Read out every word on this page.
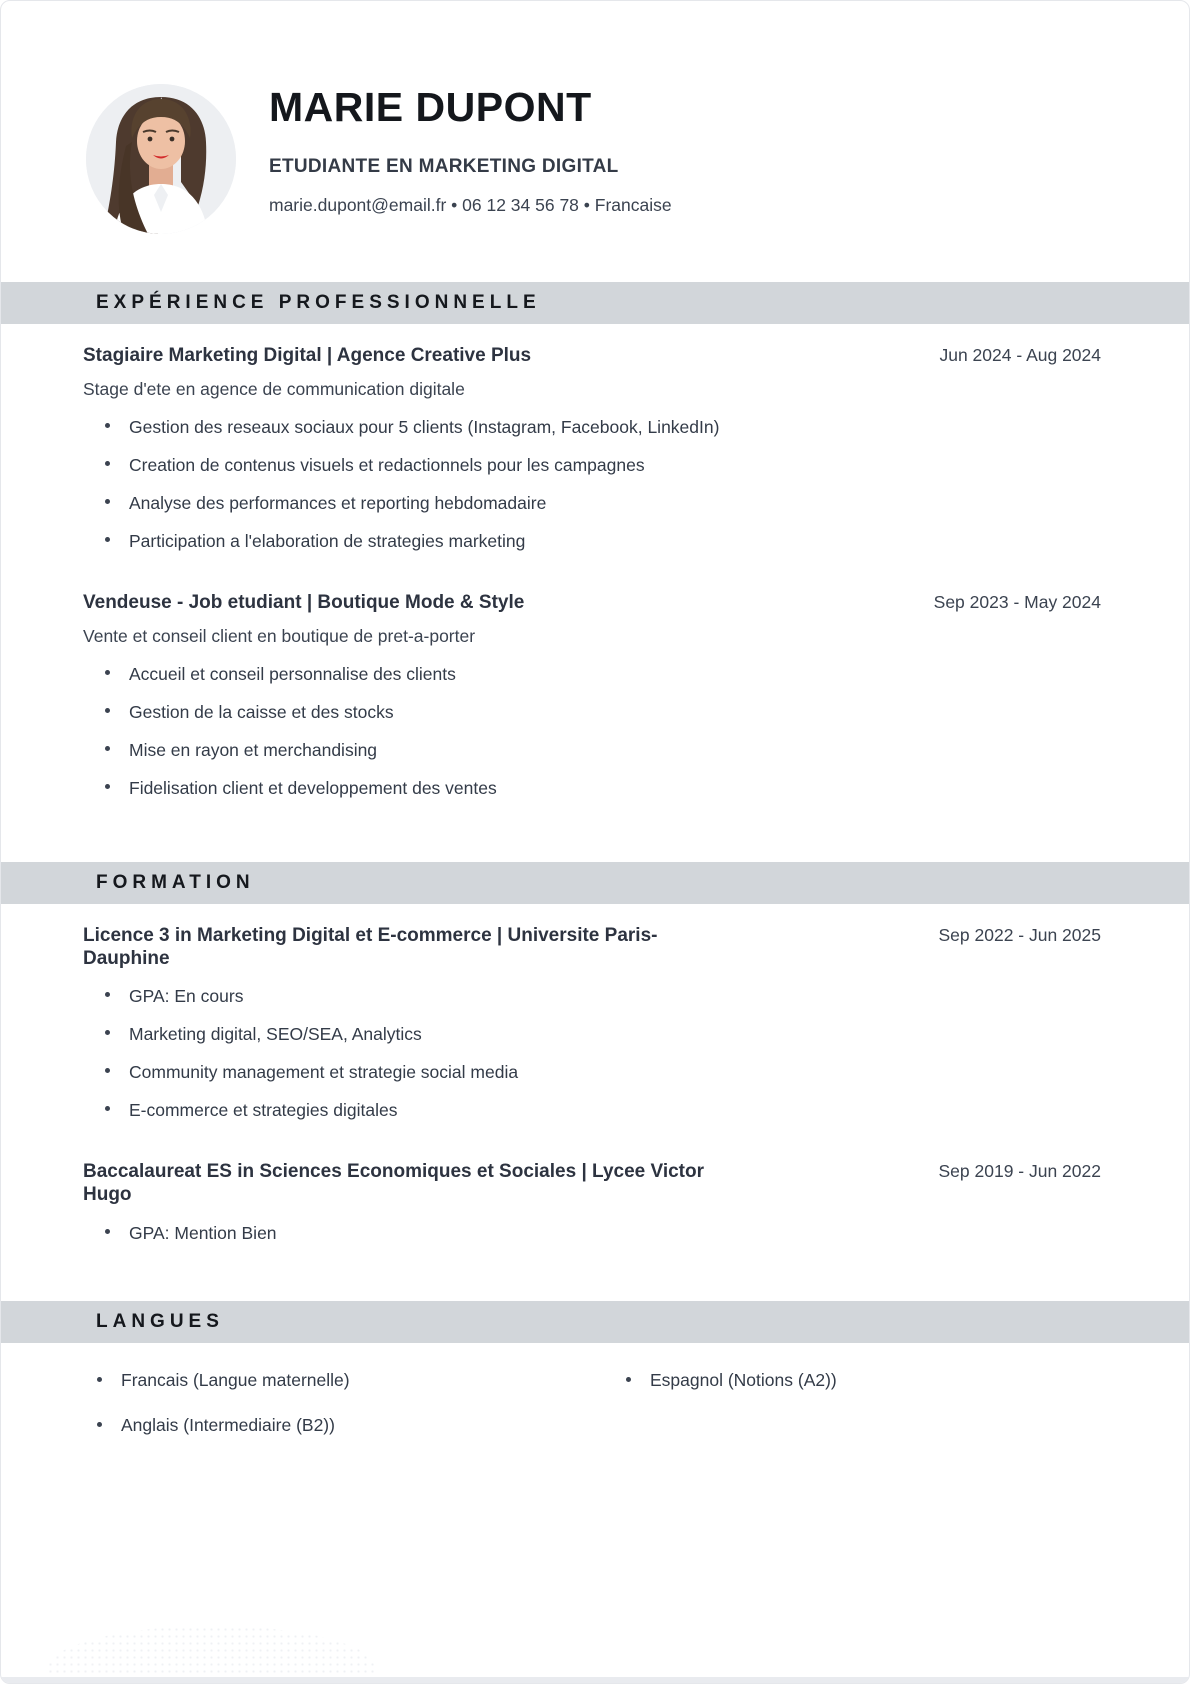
MARIE DUPONT
ETUDIANTE EN MARKETING DIGITAL
marie.dupont@email.fr • 06 12 34 56 78 • Francaise
EXPÉRIENCE PROFESSIONNELLE
Stagiaire Marketing Digital | Agence Creative Plus	Jun 2024 - Aug 2024
Stage d'ete en agence de communication digitale
Gestion des reseaux sociaux pour 5 clients (Instagram, Facebook, LinkedIn)
Creation de contenus visuels et redactionnels pour les campagnes
Analyse des performances et reporting hebdomadaire
Participation a l'elaboration de strategies marketing
Vendeuse - Job etudiant | Boutique Mode & Style	Sep 2023 - May 2024
Vente et conseil client en boutique de pret-a-porter
Accueil et conseil personnalise des clients
Gestion de la caisse et des stocks
Mise en rayon et merchandising
Fidelisation client et developpement des ventes
FORMATION
Licence 3 in Marketing Digital et E-commerce | Universite Paris-Dauphine
Sep 2022 - Jun 2025
GPA: En cours
Marketing digital, SEO/SEA, Analytics
Community management et strategie social media
E-commerce et strategies digitales
Baccalaureat ES in Sciences Economiques et Sociales | Lycee Victor Hugo
Sep 2019 - Jun 2022
GPA: Mention Bien
LANGUES
Francais (Langue maternelle)
Anglais (Intermediaire (B2))
Espagnol (Notions (A2))
